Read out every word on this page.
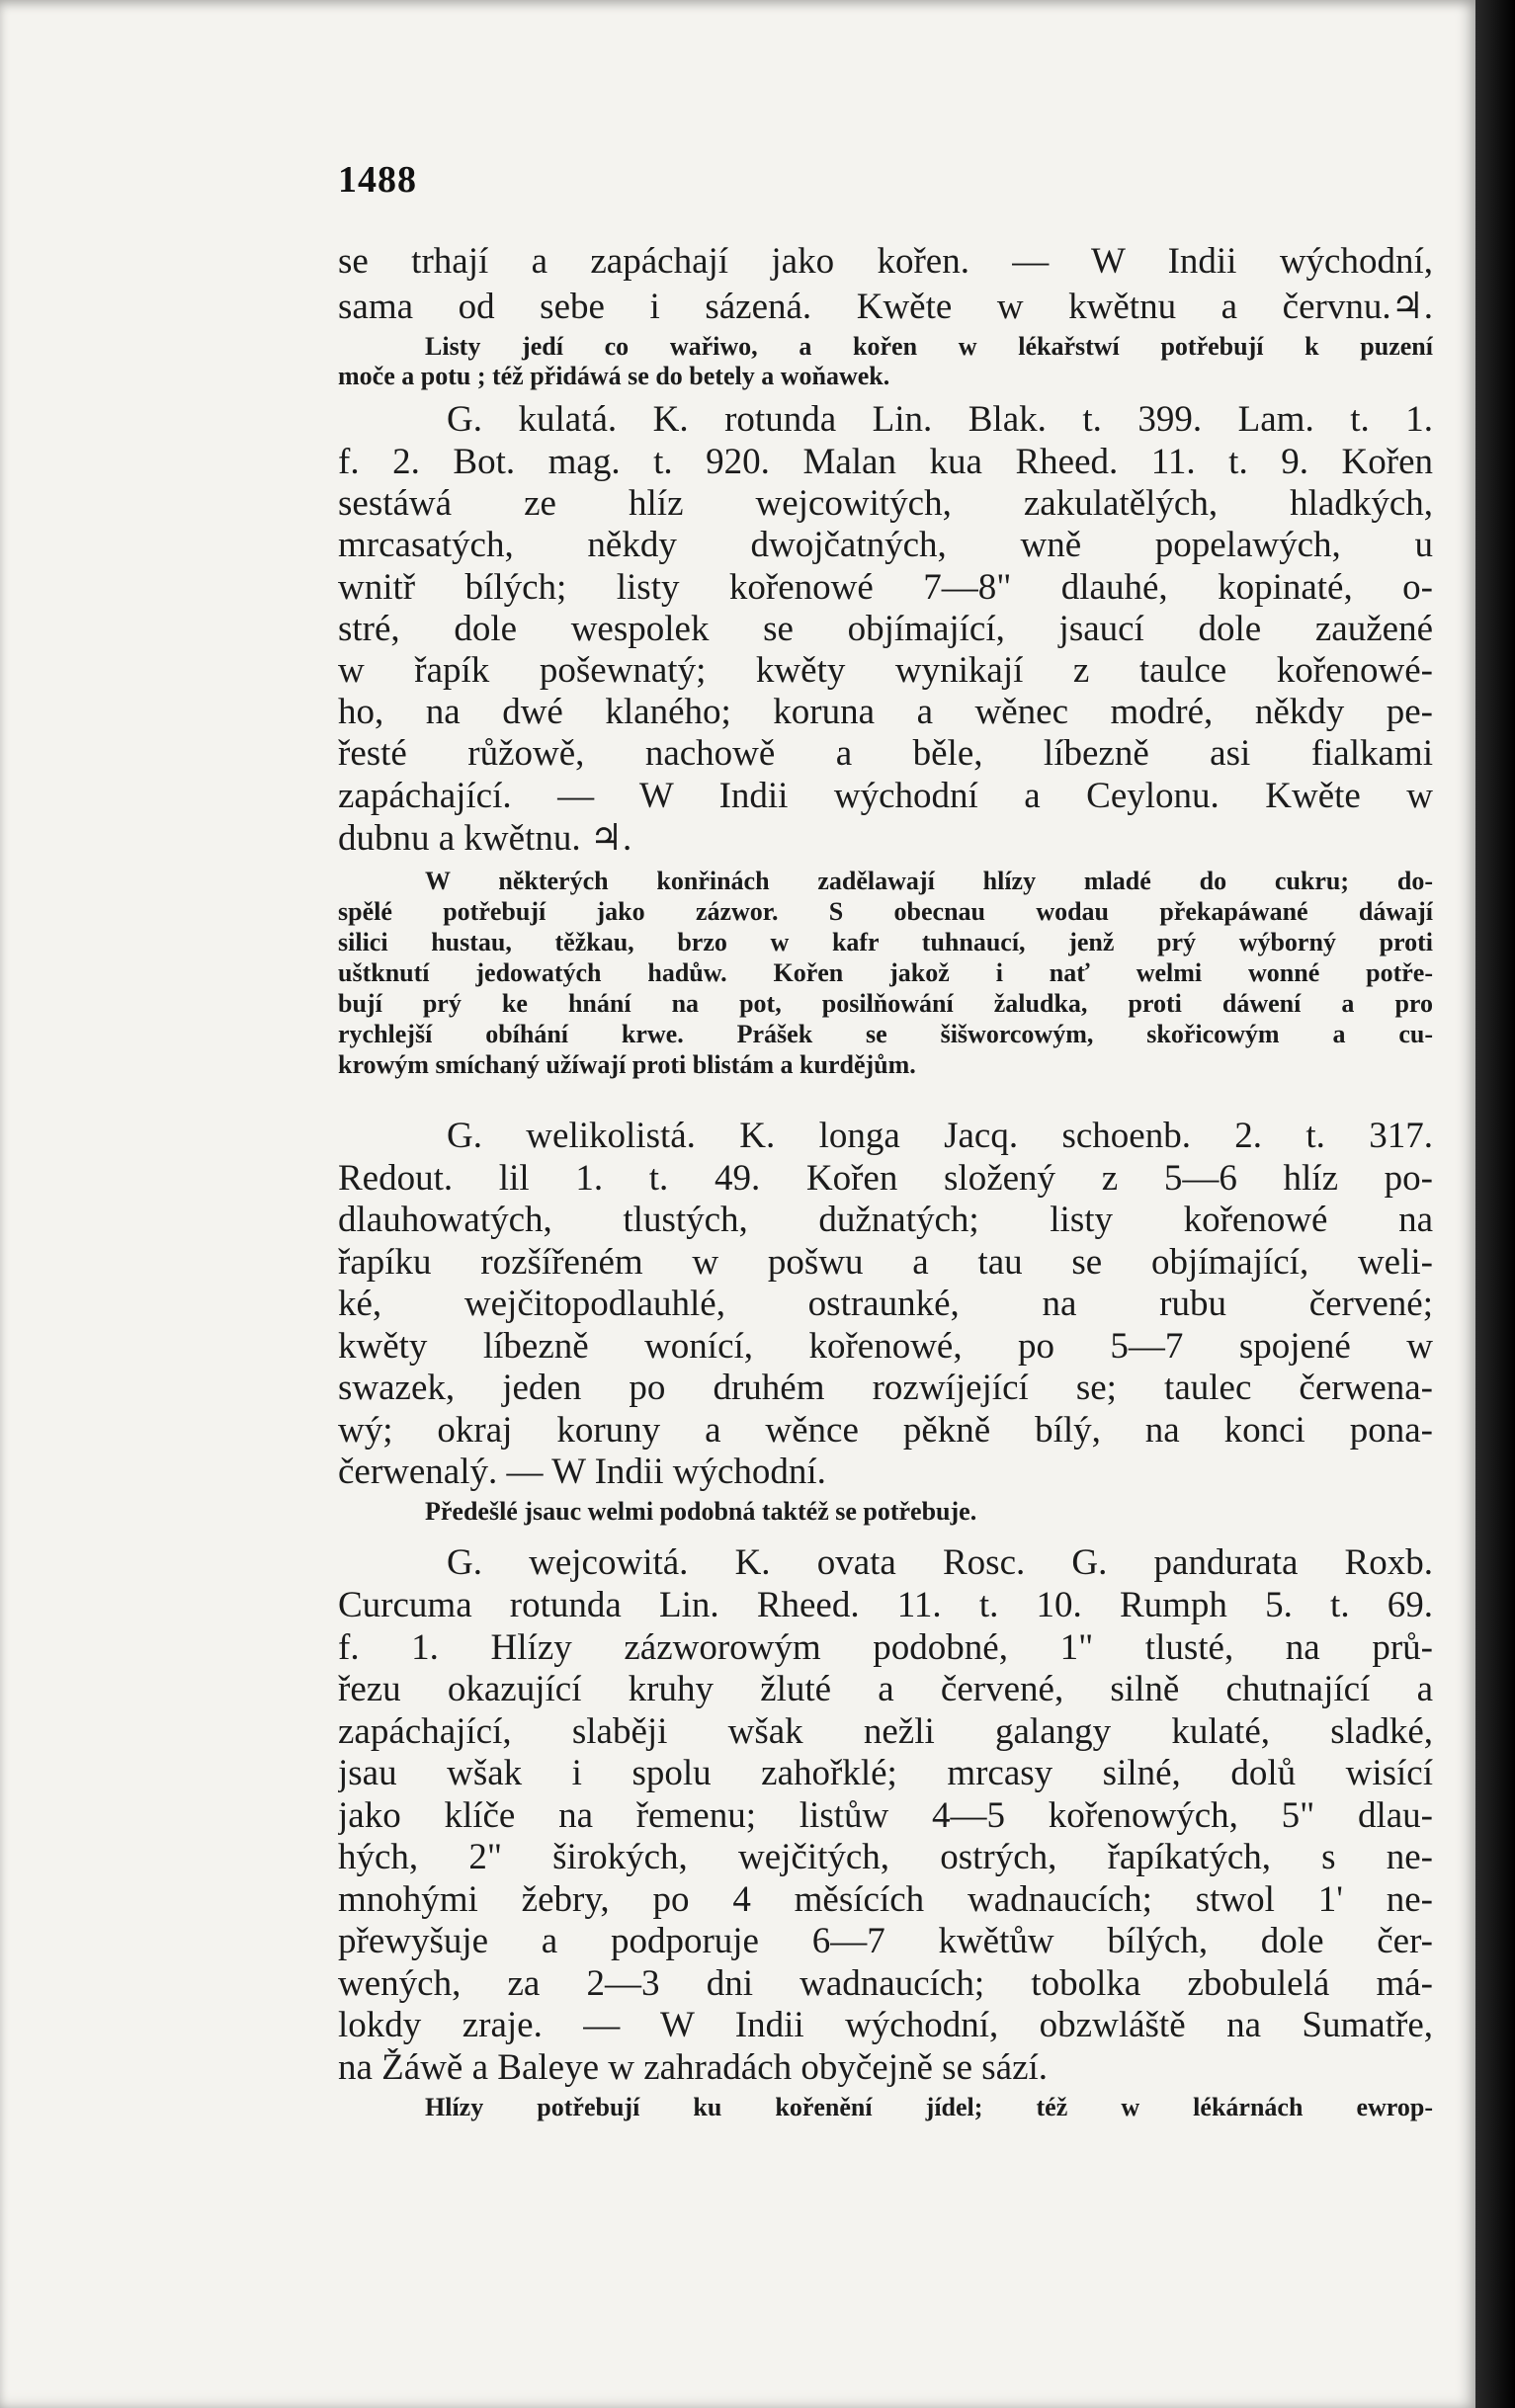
1488
se trhají a zapáchají jako kořen. — W Indii wýchodní,
sama od sebe i sázená. Kwěte w kwětnu a červnu.♃.
Listy jedí co wařiwo, a kořen w lékařstwí potřebují k puzení
moče a potu ; též přidáwá se do betely a woňawek.
G. kulatá. K. rotunda Lin. Blak. t. 399. Lam. t. 1.
f. 2. Bot. mag. t. 920. Malan kua Rheed. 11. t. 9. Kořen
sestáwá ze hlíz wejcowitých, zakulatělých, hladkých,
mrcasatých, někdy dwojčatných, wně popelawých, u
wnitř bílých; listy kořenowé 7—8" dlauhé, kopinaté, o-
stré, dole wespolek se objímající, jsaucí dole zaužené
w řapík pošewnatý; kwěty wynikají z taulce kořenowé-
ho, na dwé klaného; koruna a wěnec modré, někdy pe-
řesté růžowě, nachowě a běle, líbezně asi fialkami
zapáchající. — W Indii wýchodní a Ceylonu. Kwěte w
dubnu a kwětnu. ♃.
W některých konřinách zadělawají hlízy mladé do cukru; do-
spělé potřebují jako zázwor. S obecnau wodau překapáwané dáwají
silici hustau, těžkau, brzo w kafr tuhnaucí, jenž prý wýborný proti
uštknutí jedowatých hadůw. Kořen jakož i nať welmi wonné potře-
bují prý ke hnání na pot, posilňowání žaludka, proti dáwení a pro
rychlejší obíhání krwe. Prášek se šišworcowým, skořicowým a cu-
krowým smíchaný užíwají proti blistám a kurdějům.
G. welikolistá. K. longa Jacq. schoenb. 2. t. 317.
Redout. lil 1. t. 49. Kořen složený z 5—6 hlíz po-
dlauhowatých, tlustých, dužnatých; listy kořenowé na
řapíku rozšířeném w pošwu a tau se objímající, weli-
ké, wejčitopodlauhlé, ostraunké, na rubu červené;
kwěty líbezně wonící, kořenowé, po 5—7 spojené w
swazek, jeden po druhém rozwíjející se; taulec čerwena-
wý; okraj koruny a wěnce pěkně bílý, na konci pona-
čerwenalý. — W Indii wýchodní.
Předešlé jsauc welmi podobná taktéž se potřebuje.
G. wejcowitá. K. ovata Rosc. G. pandurata Roxb.
Curcuma rotunda Lin. Rheed. 11. t. 10. Rumph 5. t. 69.
f. 1. Hlízy zázworowým podobné, 1" tlusté, na prů-
řezu okazující kruhy žluté a červené, silně chutnající a
zapáchající, slaběji wšak nežli galangy kulaté, sladké,
jsau wšak i spolu zahořklé; mrcasy silné, dolů wisící
jako klíče na řemenu; listůw 4—5 kořenowých, 5" dlau-
hých, 2" širokých, wejčitých, ostrých, řapíkatých, s ne-
mnohými žebry, po 4 měsících wadnaucích; stwol 1' ne-
přewyšuje a podporuje 6—7 kwětůw bílých, dole čer-
wených, za 2—3 dni wadnaucích; tobolka zbobulelá má-
lokdy zraje. — W Indii wýchodní, obzwláště na Sumatře,
na Žáwě a Baleye w zahradách obyčejně se sází.
Hlízy potřebují ku kořenění jídel; též w lékárnách ewrop-
